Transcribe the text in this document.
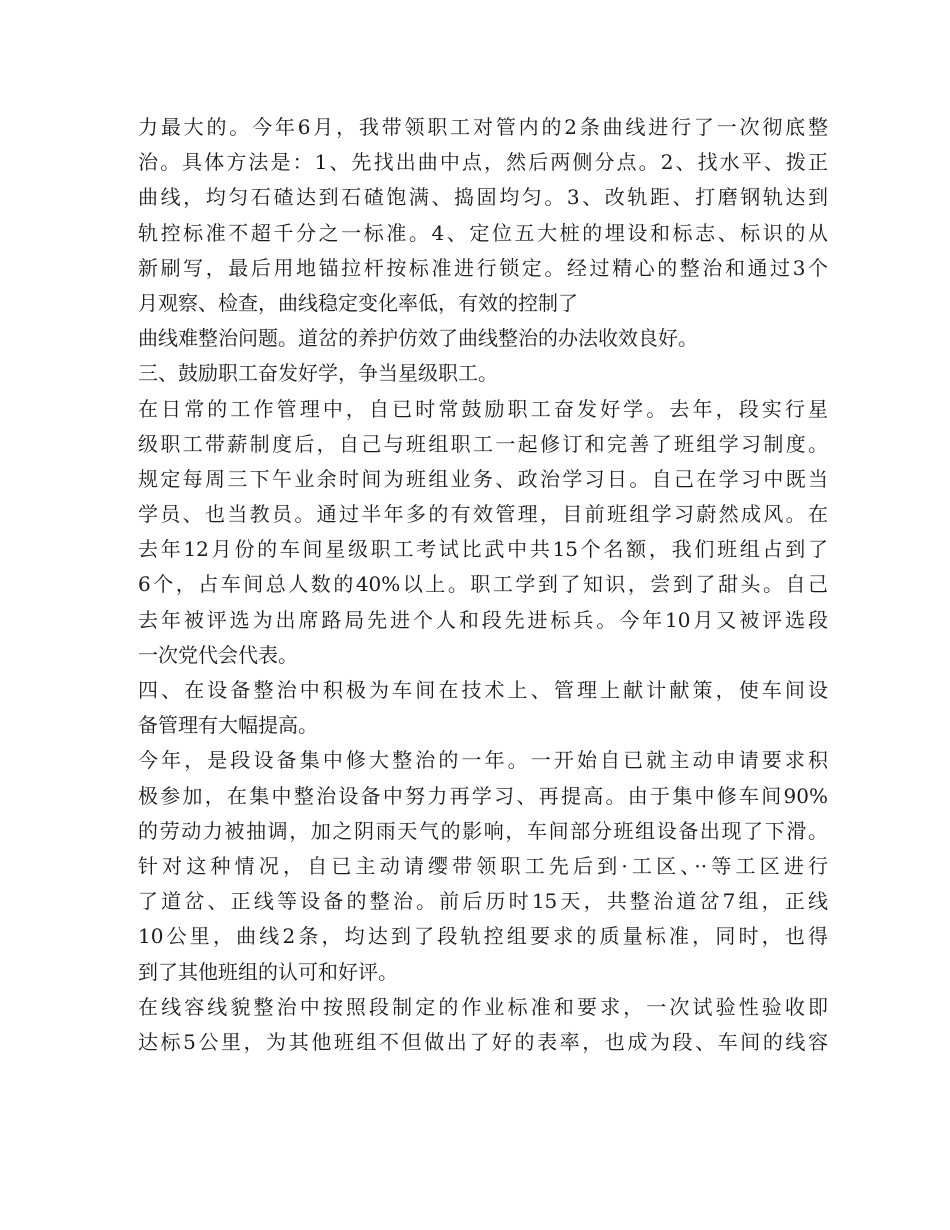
力最大的。今年6月，我带领职工对管内的2条曲线进行了一次彻底整
治。具体方法是：1、先找出曲中点，然后两侧分点。2、找水平、拨正
曲线，均匀石碴达到石碴饱满、捣固均匀。3、改轨距、打磨钢轨达到
轨控标准不超千分之一标准。4、定位五大桩的埋设和标志、标识的从
新刷写，最后用地锚拉杆按标准进行锁定。经过精心的整治和通过3个
月观察、检查，曲线稳定变化率低，有效的控制了
曲线难整治问题。道岔的养护仿效了曲线整治的办法收效良好。
三、鼓励职工奋发好学，争当星级职工。
在日常的工作管理中，自已时常鼓励职工奋发好学。去年，段实行星
级职工带薪制度后，自己与班组职工一起修订和完善了班组学习制度。
规定每周三下午业余时间为班组业务、政治学习日。自己在学习中既当
学员、也当教员。通过半年多的有效管理，目前班组学习蔚然成风。在
去年12月份的车间星级职工考试比武中共15个名额，我们班组占到了
6个，占车间总人数的40%以上。职工学到了知识，尝到了甜头。自己
去年被评选为出席路局先进个人和段先进标兵。今年10月又被评选段
一次党代会代表。
四、在设备整治中积极为车间在技术上、管理上献计献策，使车间设
备管理有大幅提高。
今年，是段设备集中修大整治的一年。一开始自已就主动申请要求积
极参加，在集中整治设备中努力再学习、再提高。由于集中修车间90%
的劳动力被抽调，加之阴雨天气的影响，车间部分班组设备出现了下滑。
针对这种情况，自已主动请缨带领职工先后到·工区、··等工区进行
了道岔、正线等设备的整治。前后历时15天，共整治道岔7组，正线
10公里，曲线2条，均达到了段轨控组要求的质量标准，同时，也得
到了其他班组的认可和好评。
在线容线貌整治中按照段制定的作业标准和要求，一次试验性验收即
达标5公里，为其他班组不但做出了好的表率，也成为段、车间的线容
